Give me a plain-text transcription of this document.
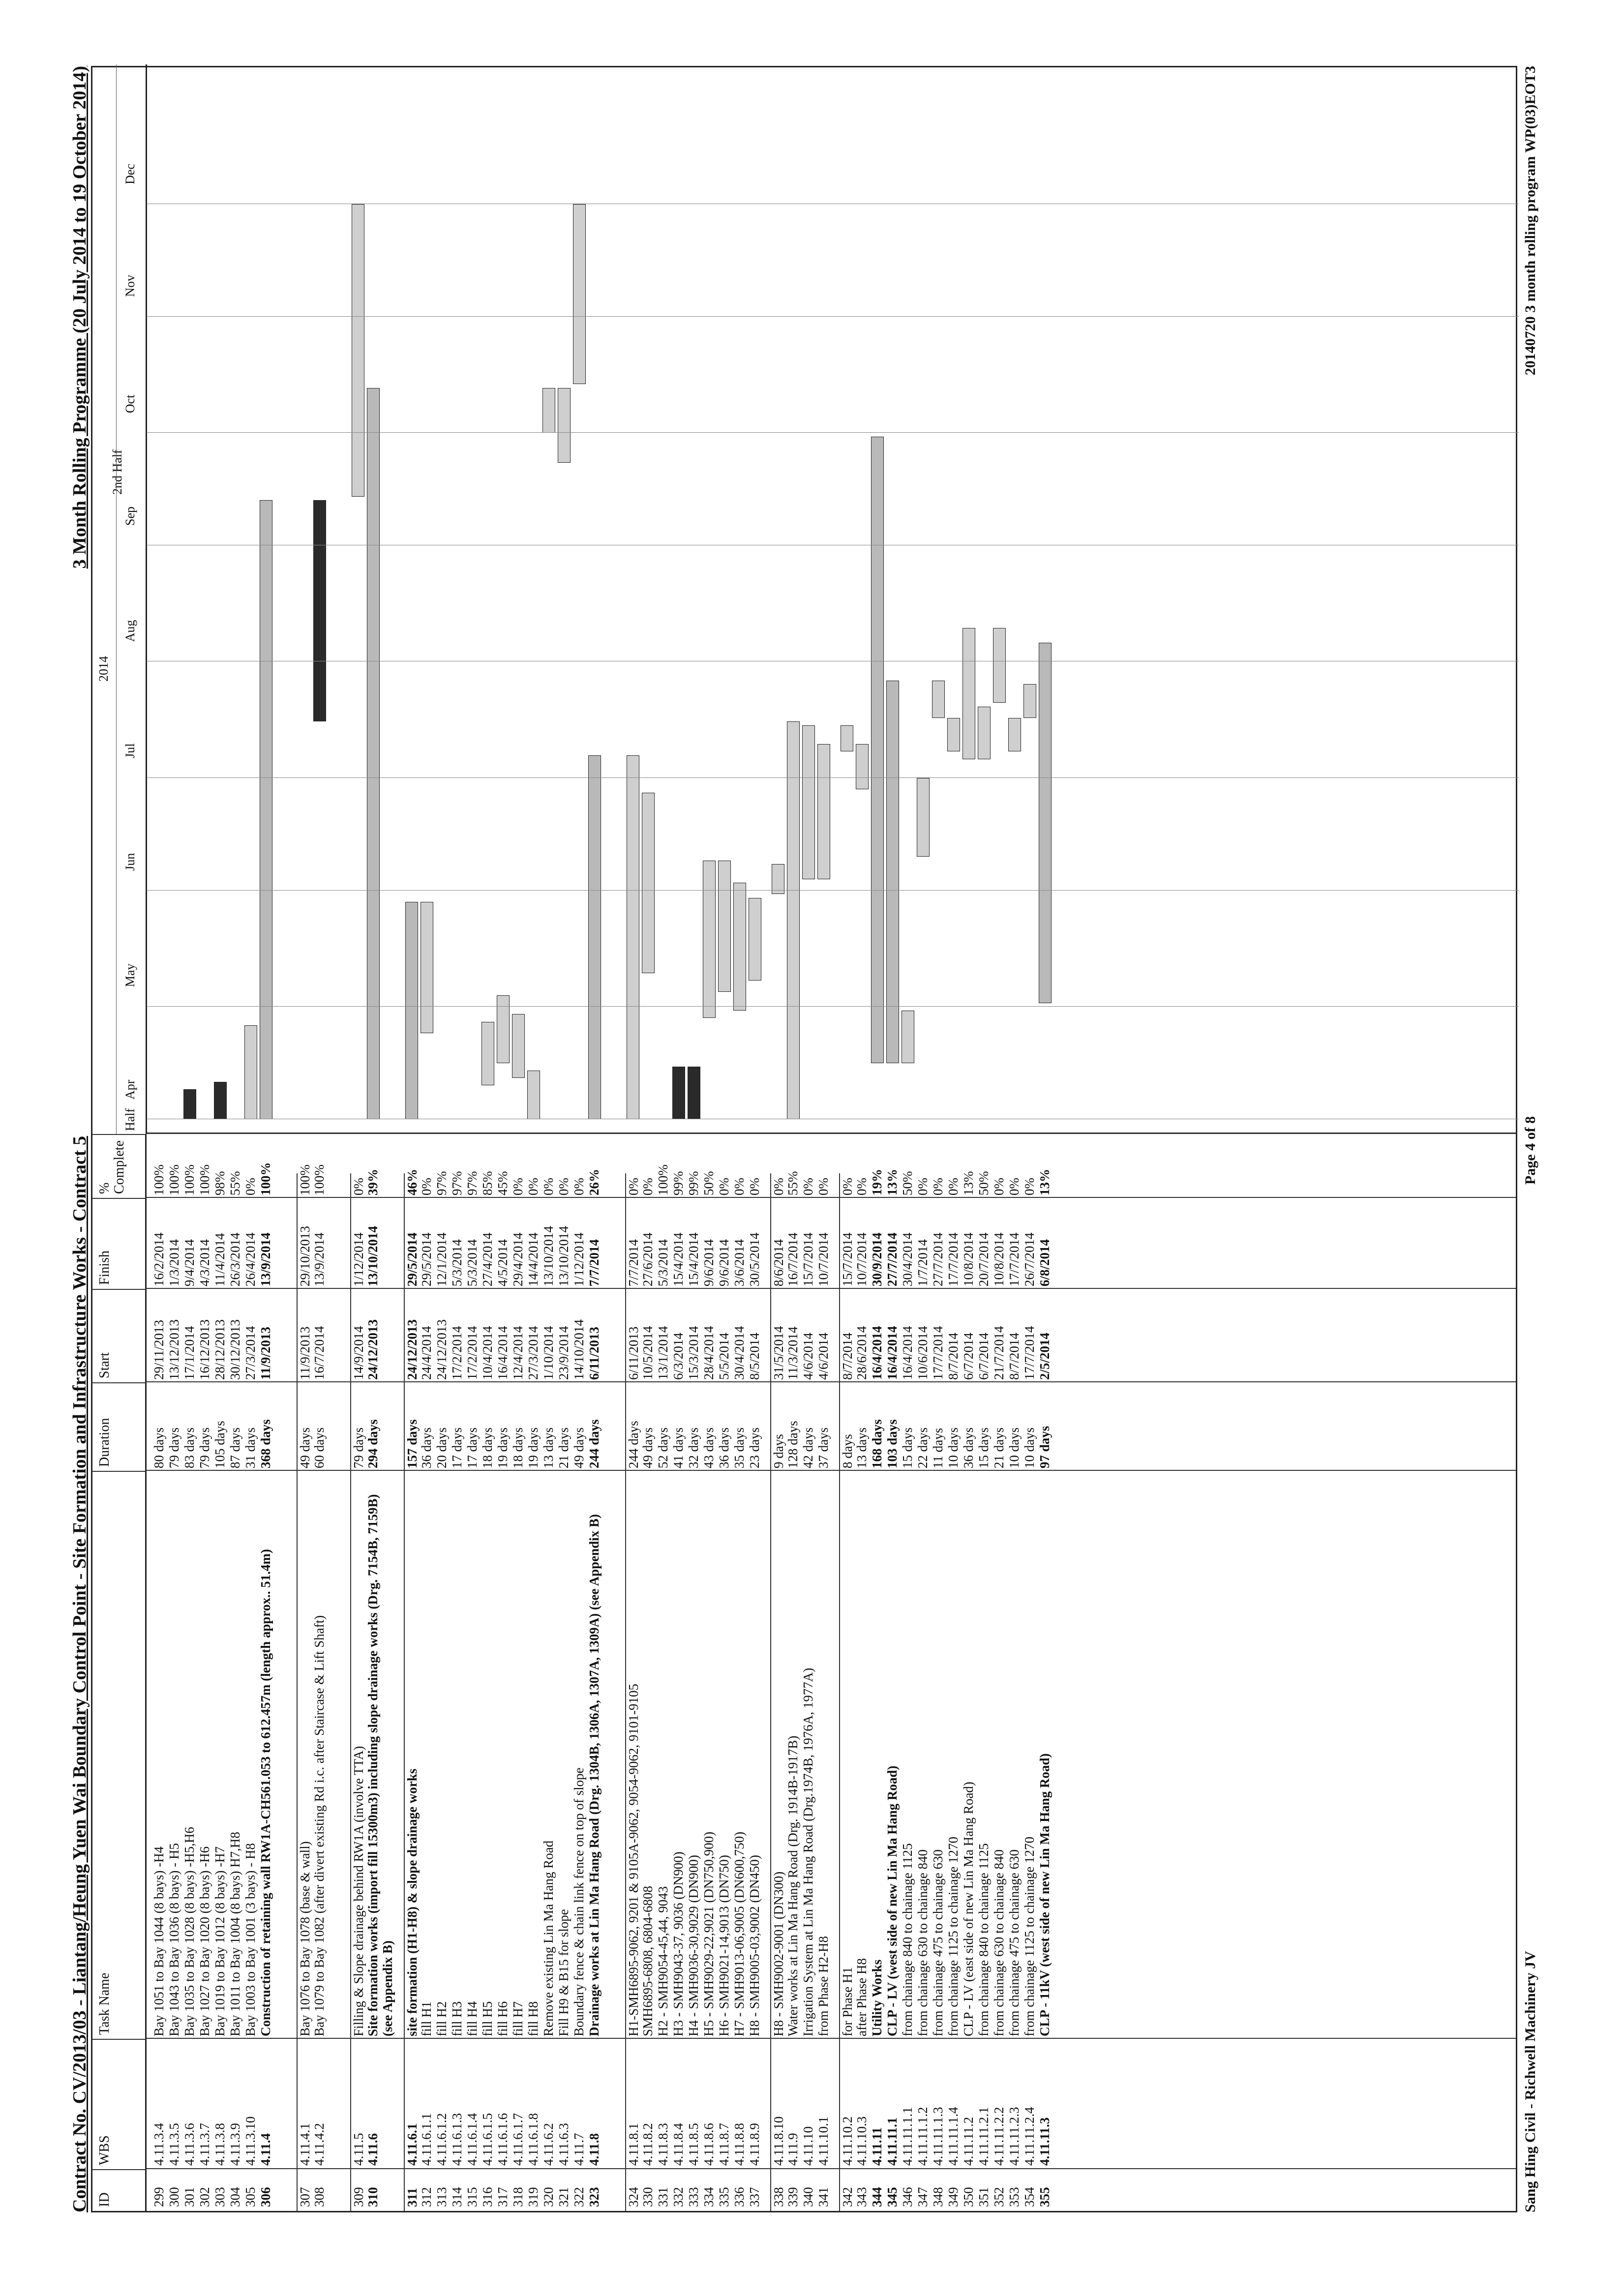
Contract No. CV/2013/03 - Liantang/Heung Yuen Wai Boundary Control Point - Site Formation and Infrastructure Works - Contract 5
3 Month Rolling Programme (20 July 2014 to 19 October 2014)
ID
WBS
Task Name
Duration
Start
Finish
% Complete
299
4.11.3.4
Bay 1051 to Bay 1044 (8 bays) -H4
80 days
29/11/2013
16/2/2014
100%
300
4.11.3.5
Bay 1043 to Bay 1036 (8 bays) - H5
79 days
13/12/2013
1/3/2014
100%
301
4.11.3.6
Bay 1035 to Bay 1028 (8 bays) -H5,H6
83 days
17/1/2014
9/4/2014
100%
302
4.11.3.7
Bay 1027 to Bay 1020 (8 bays) -H6
79 days
16/12/2013
4/3/2014
100%
303
4.11.3.8
Bay 1019 to Bay 1012 (8 bays) -H7
105 days
28/12/2013
11/4/2014
98%
304
4.11.3.9
Bay 1011 to Bay 1004 (8 bays) H7,H8
87 days
30/12/2013
26/3/2014
55%
305
4.11.3.10
Bay 1003 to Bay 1001 (3 bays) - H8
31 days
27/3/2014
26/4/2014
0%
306
4.11.4
Construction of retaining wall RW1A-CH561.053 to 612.457m (length approx.. 51.4m)
368 days
11/9/2013
13/9/2014
100%
307
4.11.4.1
Bay 1076 to Bay 1078 (base & wall)
49 days
11/9/2013
29/10/2013
100%
308
4.11.4.2
Bay 1079 to Bay 1082 (after divert existing Rd i.c. after Staircase & Lift Shaft)
60 days
16/7/2014
13/9/2014
100%
309
4.11.5
Filling & Slope drainage behind RW1A (involve TTA)
79 days
14/9/2014
1/12/2014
0%
310
4.11.6
Site formation works (import fill 15300m3) including slope drainage works (Drg. 7154B, 7159B) (see Appendix B)
294 days
24/12/2013
13/10/2014
39%
311
4.11.6.1
site formation (H1-H8) & slope drainage works
157 days
24/12/2013
29/5/2014
46%
312
4.11.6.1.1
fill H1
36 days
24/4/2014
29/5/2014
0%
313
4.11.6.1.2
fill H2
20 days
24/12/2013
12/1/2014
97%
314
4.11.6.1.3
fill H3
17 days
17/2/2014
5/3/2014
97%
315
4.11.6.1.4
fill H4
17 days
17/2/2014
5/3/2014
97%
316
4.11.6.1.5
fill H5
18 days
10/4/2014
27/4/2014
85%
317
4.11.6.1.6
fill H6
19 days
16/4/2014
4/5/2014
45%
318
4.11.6.1.7
fill H7
18 days
12/4/2014
29/4/2014
0%
319
4.11.6.1.8
fill H8
19 days
27/3/2014
14/4/2014
0%
320
4.11.6.2
Remove existing Lin Ma Hang Road
13 days
1/10/2014
13/10/2014
0%
321
4.11.6.3
Fill H9 & B15 for slope
21 days
23/9/2014
13/10/2014
0%
322
4.11.7
Boundary fence & chain link fence on top of slope
49 days
14/10/2014
1/12/2014
0%
323
4.11.8
Drainage works at Lin Ma Hang Road (Drg. 1304B, 1306A, 1307A, 1309A) (see Appendix B)
244 days
6/11/2013
7/7/2014
26%
324
4.11.8.1
H1-SMH6895-9062, 9201 & 9105A-9062, 9054-9062, 9101-9105
244 days
6/11/2013
7/7/2014
0%
330
4.11.8.2
SMH6895-6808, 6804-6808
49 days
10/5/2014
27/6/2014
0%
331
4.11.8.3
H2 - SMH9054-45,44, 9043
52 days
13/1/2014
5/3/2014
100%
332
4.11.8.4
H3 - SMH9043-37, 9036 (DN900)
41 days
6/3/2014
15/4/2014
99%
333
4.11.8.5
H4 - SMH9036-30,9029 (DN900)
32 days
15/3/2014
15/4/2014
99%
334
4.11.8.6
H5 - SMH9029-22,9021 (DN750,900)
43 days
28/4/2014
9/6/2014
50%
335
4.11.8.7
H6 - SMH9021-14,9013 (DN750)
36 days
5/5/2014
9/6/2014
0%
336
4.11.8.8
H7 - SMH9013-06,9005 (DN600,750)
35 days
30/4/2014
3/6/2014
0%
337
4.11.8.9
H8 - SMH9005-03,9002 (DN450)
23 days
8/5/2014
30/5/2014
0%
338
4.11.8.10
H8 - SMH9002-9001 (DN300)
9 days
31/5/2014
8/6/2014
0%
339
4.11.9
Water works at Lin Ma Hang Road (Drg. 1914B-1917B)
128 days
11/3/2014
16/7/2014
55%
340
4.11.10
Irrigation System at Lin Ma Hang Road (Drg.1974B, 1976A, 1977A)
42 days
4/6/2014
15/7/2014
0%
341
4.11.10.1
from Phase H2-H8
37 days
4/6/2014
10/7/2014
0%
342
4.11.10.2
for Phase H1
8 days
8/7/2014
15/7/2014
0%
343
4.11.10.3
after Phase H8
13 days
28/6/2014
10/7/2014
0%
344
4.11.11
Utility Works
168 days
16/4/2014
30/9/2014
19%
345
4.11.11.1
CLP - LV (west side of new Lin Ma Hang Road)
103 days
16/4/2014
27/7/2014
13%
346
4.11.11.1.1
from chainage 840 to chainage 1125
15 days
16/4/2014
30/4/2014
50%
347
4.11.11.1.2
from chainage 630 to chainage 840
22 days
10/6/2014
1/7/2014
0%
348
4.11.11.1.3
from chainage 475 to chainage 630
11 days
17/7/2014
27/7/2014
0%
349
4.11.11.1.4
from chainage 1125 to chainage 1270
10 days
8/7/2014
17/7/2014
0%
350
4.11.11.2
CLP - LV (east side of new Lin Ma Hang Road)
36 days
6/7/2014
10/8/2014
13%
351
4.11.11.2.1
from chainage 840 to chainage 1125
15 days
6/7/2014
20/7/2014
50%
352
4.11.11.2.2
from chainage 630 to chainage 840
21 days
21/7/2014
10/8/2014
0%
353
4.11.11.2.3
from chainage 475 to chainage 630
10 days
8/7/2014
17/7/2014
0%
354
4.11.11.2.4
from chainage 1125 to chainage 1270
10 days
17/7/2014
26/7/2014
0%
355
4.11.11.3
CLP - 11kV (west side of new Lin Ma Hang Road)
97 days
2/5/2014
6/8/2014
13%
2014
Half
2nd Half
Apr
May
Jun
Jul
Aug
Sep
Oct
Nov
Dec
Sang Hing Civil - Richwell Machinery JV
Page 4 of 8
20140720 3 month rolling program WP(03)EOT3
